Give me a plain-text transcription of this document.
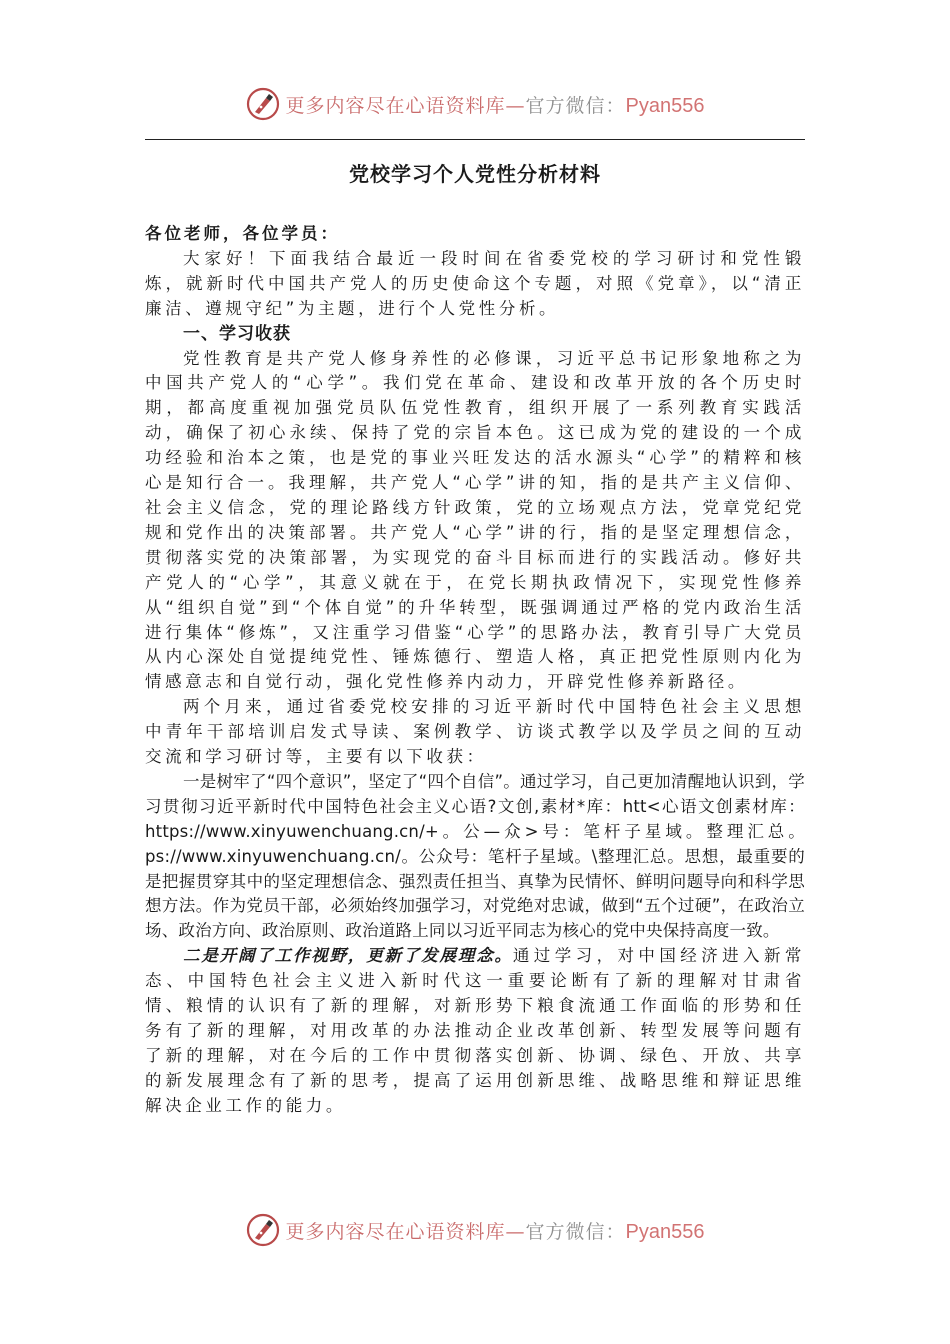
更多内容尽在心语资料库—官方微信：Pyan556
党校学习个人党性分析材料

各位老师，各位学员：

大家好！下面我结合最近一段时间在省委党校的学习研讨和党性锻炼，就新时代中国共产党人的历史使命这个专题，对照《党章》，以“清正廉洁、遵规守纪”为主题，进行个人党性分析。

一、学习收获

党性教育是共产党人修身养性的必修课，习近平总书记形象地称之为中国共产党人的“心学”。我们党在革命、建设和改革开放的各个历史时期，都高度重视加强党员队伍党性教育，组织开展了一系列教育实践活动，确保了初心永续、保持了党的宗旨本色。这已成为党的建设的一个成功经验和治本之策，也是党的事业兴旺发达的活水源头“心学”的精粹和核心是知行合一。我理解，共产党人“心学”讲的知，指的是共产主义信仰、社会主义信念，党的理论路线方针政策，党的立场观点方法，党章党纪党规和党作出的决策部署。共产党人“心学”讲的行，指的是坚定理想信念，贯彻落实党的决策部署，为实现党的奋斗目标而进行的实践活动。修好共产党人的“心学”，其意义就在于，在党长期执政情况下，实现党性修养从“组织自觉”到“个体自觉”的升华转型，既强调通过严格的党内政治生活进行集体“修炼”，又注重学习借鉴“心学”的思路办法，教育引导广大党员从内心深处自觉提纯党性、锤炼德行、塑造人格，真正把党性原则内化为情感意志和自觉行动，强化党性修养内动力，开辟党性修养新路径。

两个月来，通过省委党校安排的习近平新时代中国特色社会主义思想中青年干部培训启发式导读、案例教学、访谈式教学以及学员之间的互动交流和学习研讨等，主要有以下收获：

一是树牢了“四个意识”，坚定了“四个自信”。通过学习，自己更加清醒地认识到，学习贯彻习近平新时代中国特色社会主义心语?文创,素材*库：htt<心语文创素材库：https://www.xinyuwenchuang.cn/+。公—众>号：笔杆子星域。整理汇总。ps://www.xinyuwenchuang.cn/。公众号：笔杆子星域。\整理汇总。思想，最重要的是把握贯穿其中的坚定理想信念、强烈责任担当、真挚为民情怀、鲜明问题导向和科学思想方法。作为党员干部，必须始终加强学习，对党绝对忠诚，做到“五个过硬”，在政治立场、政治方向、政治原则、政治道路上同以习近平同志为核心的党中央保持高度一致。

二是开阔了工作视野，更新了发展理念。通过学习，对中国经济进入新常态、中国特色社会主义进入新时代这一重要论断有了新的理解对甘肃省情、粮情的认识有了新的理解，对新形势下粮食流通工作面临的形势和任务有了新的理解，对用改革的办法推动企业改革创新、转型发展等问题有了新的理解，对在今后的工作中贯彻落实创新、协调、绿色、开放、共享的新发展理念有了新的思考，提高了运用创新思维、战略思维和辩证思维解决企业工作的能力。

更多内容尽在心语资料库—官方微信：Pyan556
